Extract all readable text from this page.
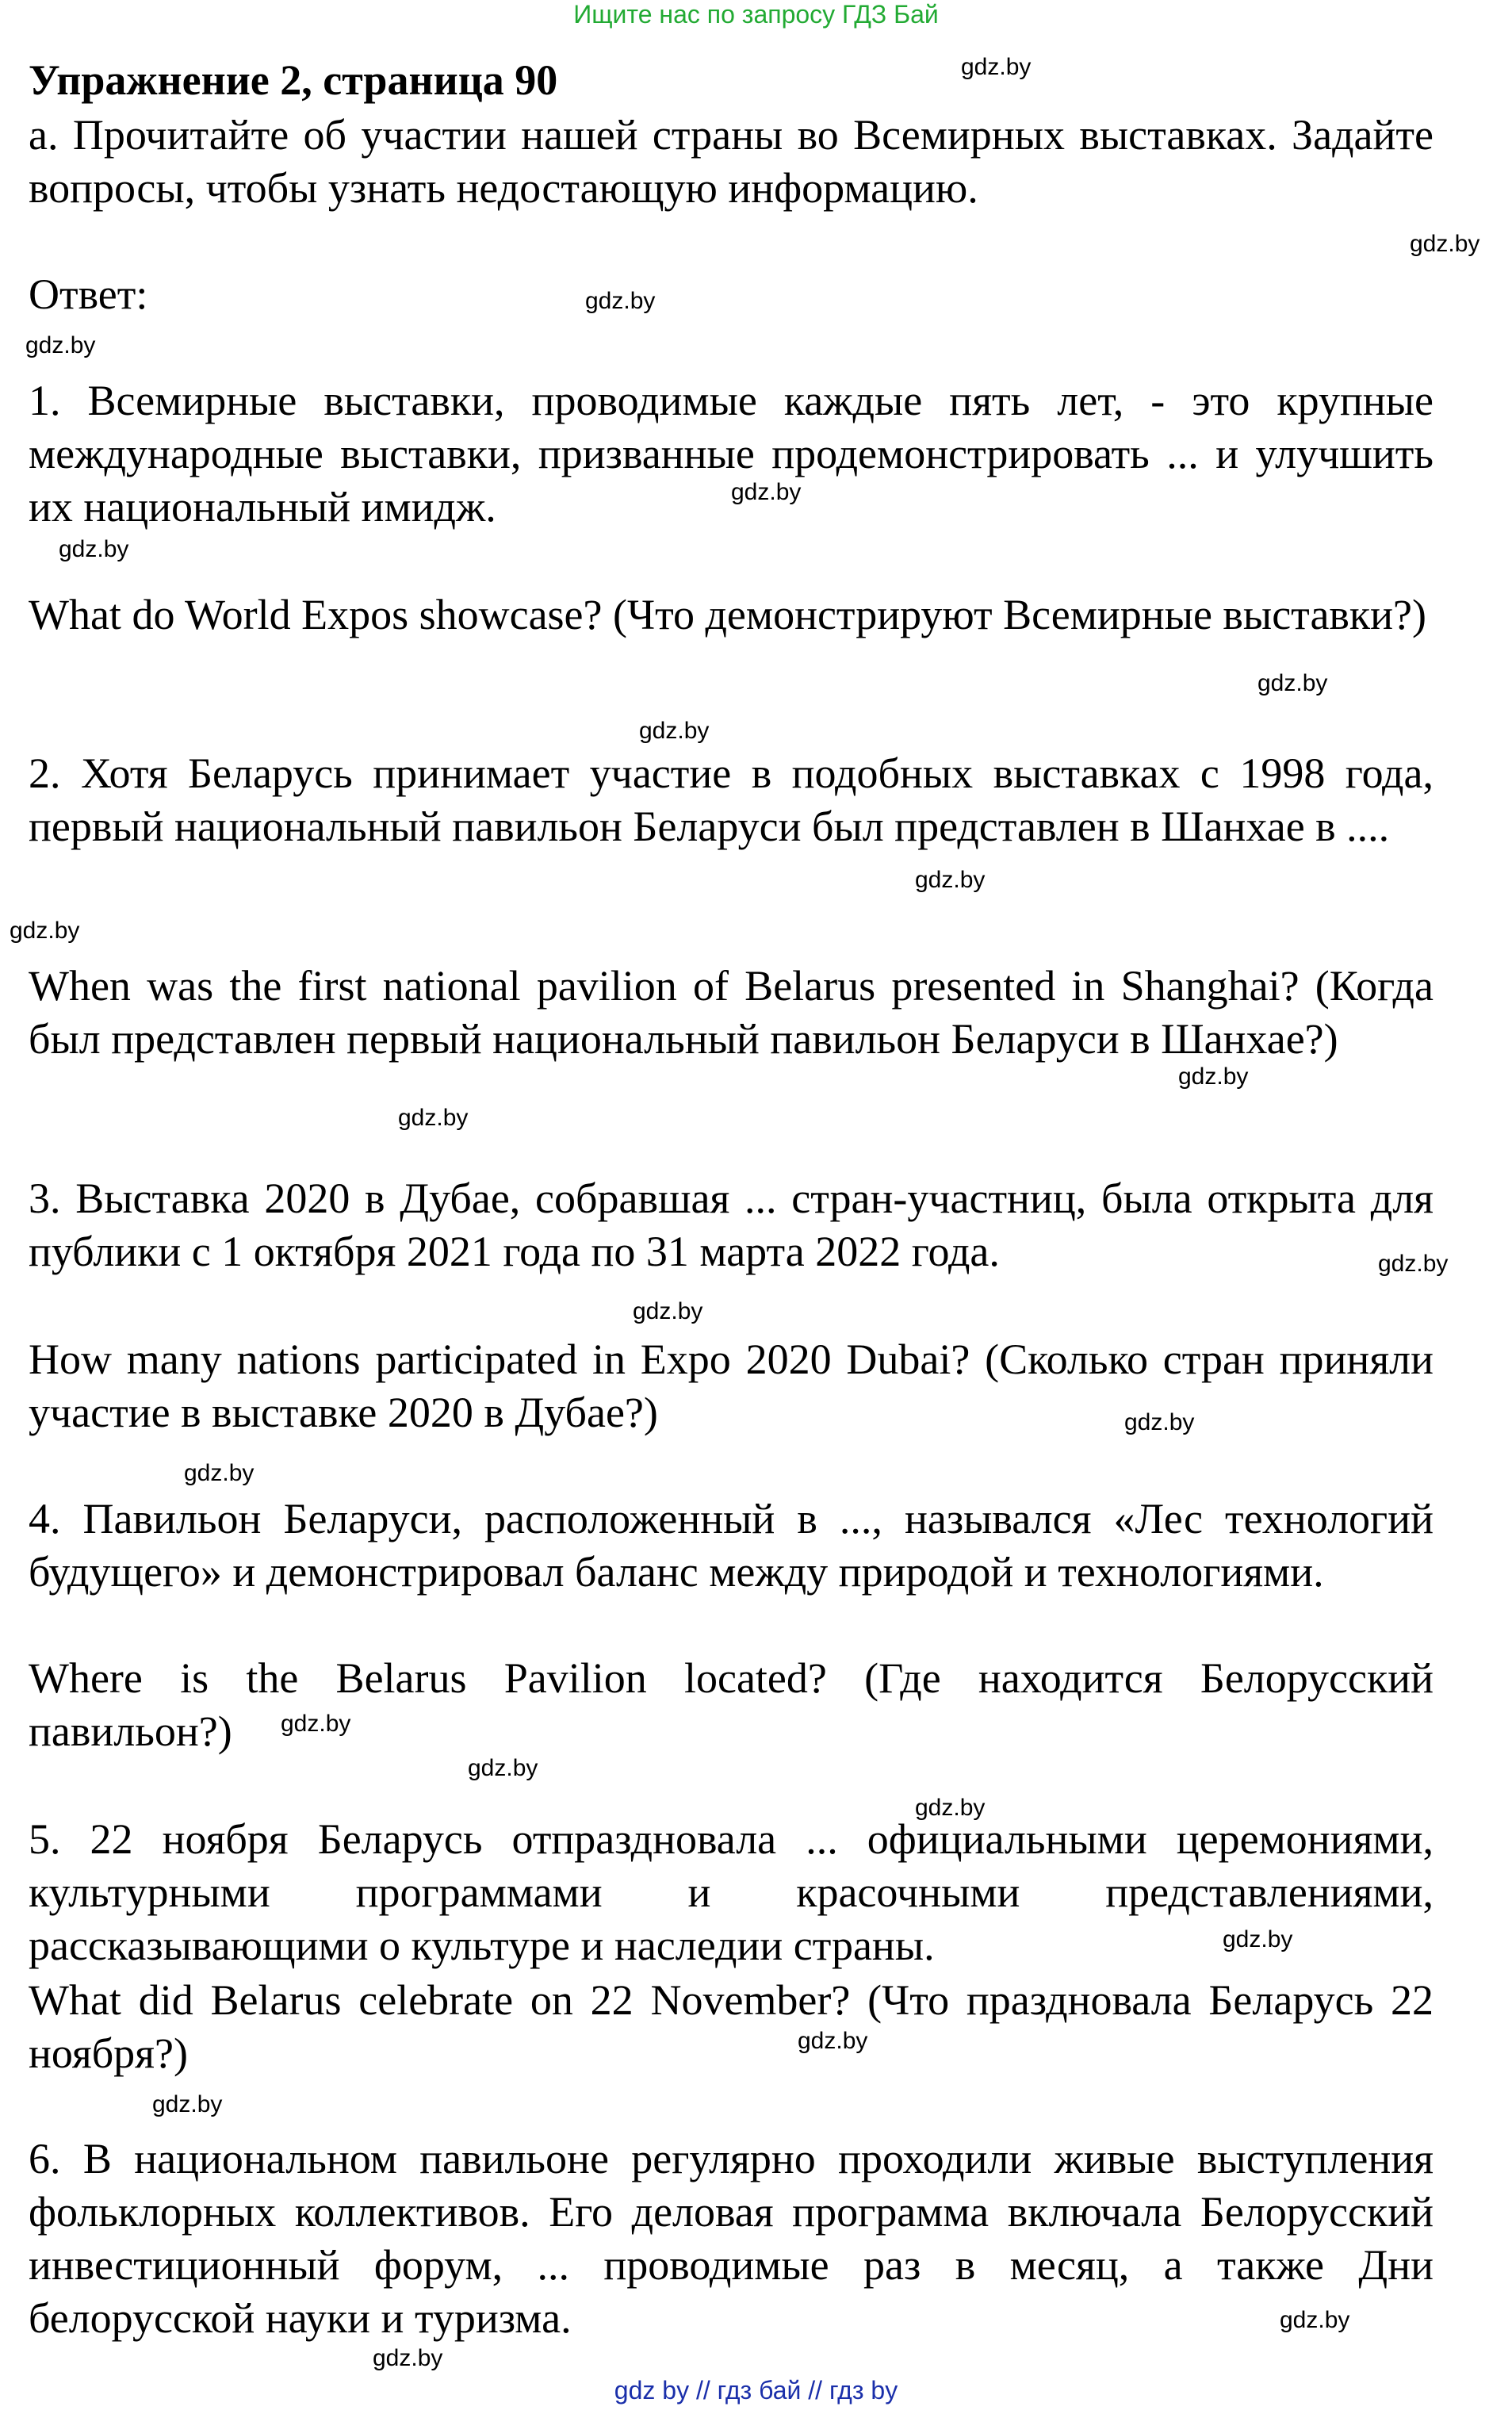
Ищите нас по запросу ГДЗ Бай
Упражнение 2, страница 90

а. Прочитайте об участии нашей страны во Всемирных выставках. Задайте вопросы, чтобы узнать недостающую информацию.

Ответ:

1. Всемирные выставки, проводимые каждые пять лет, - это крупные международные выставки, призванные продемонстрировать ... и улучшить их национальный имидж.

What do World Expos showcase? (Что демонстрируют Всемирные выставки?)

2. Хотя Беларусь принимает участие в подобных выставках с 1998 года, первый национальный павильон Беларуси был представлен в Шанхае в ....

When was the first national pavilion of Belarus presented in Shanghai? (Когда был представлен первый национальный павильон Беларуси в Шанхае?)

3. Выставка 2020 в Дубае, собравшая ... стран-участниц, была открыта для публики с 1 октября 2021 года по 31 марта 2022 года.

How many nations participated in Expo 2020 Dubai? (Сколько стран приняли участие в выставке 2020 в Дубае?)

4. Павильон Беларуси, расположенный в ..., назывался «Лес технологий будущего» и демонстрировал баланс между природой и технологиями.

Where is the Belarus Pavilion located? (Где находится Белорусский павильон?)

5. 22 ноября Беларусь отпраздновала ... официальными церемониями, культурными программами и красочными представлениями, рассказывающими о культуре и наследии страны.

What did Belarus celebrate on 22 November? (Что праздновала Беларусь 22 ноября?)

6. В национальном павильоне регулярно проходили живые выступления фольклорных коллективов. Его деловая программа включала Белорусский инвестиционный форум, ... проводимые раз в месяц, а также Дни белорусской науки и туризма.

gdz.by
gdz.by
gdz.by
gdz.by
gdz.by
gdz.by
gdz.by
gdz.by
gdz.by
gdz.by
gdz.by
gdz.by
gdz.by
gdz.by
gdz.by
gdz.by
gdz.by
gdz.by
gdz.by
gdz.by
gdz.by
gdz.by
gdz.by
gdz.by
gdz by // гдз бай // гдз by
